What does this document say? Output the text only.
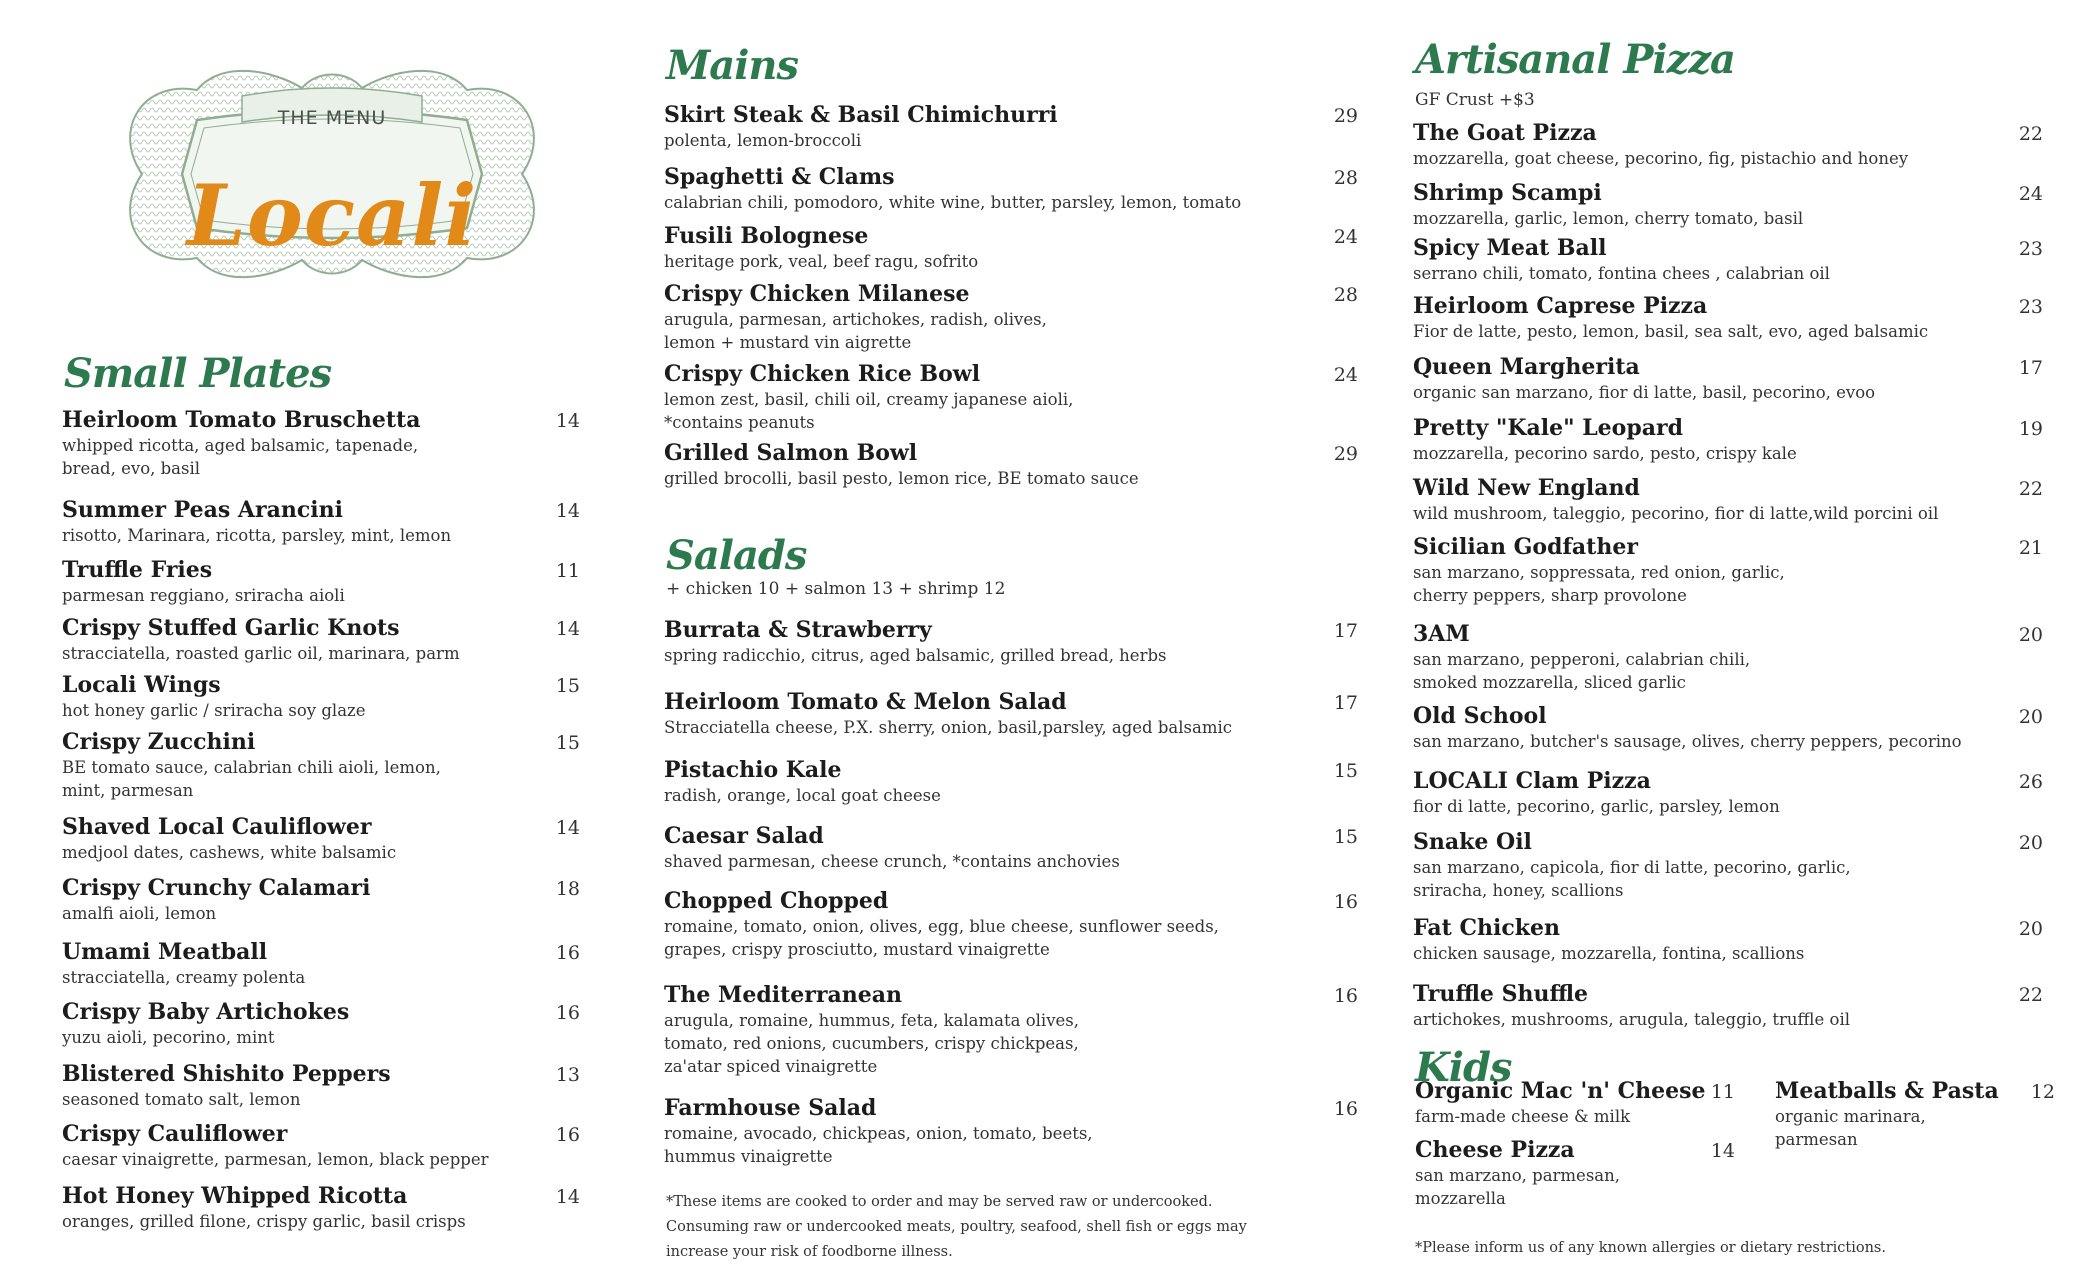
THE MENU
Locali
Small Plates
Heirloom Tomato Bruschetta
whipped ricotta, aged balsamic, tapenade,
bread, evo, basil
14
Summer Peas Arancini
risotto, Marinara, ricotta, parsley, mint, lemon
14
Truffle Fries
parmesan reggiano, sriracha aioli
11
Crispy Stuffed Garlic Knots
stracciatella, roasted garlic oil, marinara, parm
14
Locali Wings
hot honey garlic / sriracha soy glaze
15
Crispy Zucchini
BE tomato sauce, calabrian chili aioli, lemon,
mint, parmesan
15
Shaved Local Cauliflower
medjool dates, cashews, white balsamic
14
Crispy Crunchy Calamari
amalfi aioli, lemon
18
Umami Meatball
stracciatella, creamy polenta
16
Crispy Baby Artichokes
yuzu aioli, pecorino, mint
16
Blistered Shishito Peppers
seasoned tomato salt, lemon
13
Crispy Cauliflower
caesar vinaigrette, parmesan, lemon, black pepper
16
Hot Honey Whipped Ricotta
oranges, grilled filone, crispy garlic, basil crisps
14
Mains
Skirt Steak & Basil Chimichurri
polenta, lemon-broccoli
29
Spaghetti & Clams
calabrian chili, pomodoro, white wine, butter, parsley, lemon, tomato
28
Fusili Bolognese
heritage pork, veal, beef ragu, sofrito
24
Crispy Chicken Milanese
arugula, parmesan, artichokes, radish, olives,
lemon + mustard vin aigrette
28
Crispy Chicken Rice Bowl
lemon zest, basil, chili oil, creamy japanese aioli,
*contains peanuts
24
Grilled Salmon Bowl
grilled brocolli, basil pesto, lemon rice, BE tomato sauce
29
Salads
+ chicken 10 + salmon 13 + shrimp 12
Burrata & Strawberry
spring radicchio, citrus, aged balsamic, grilled bread, herbs
17
Heirloom Tomato & Melon Salad
Stracciatella cheese, P.X. sherry, onion, basil,parsley, aged balsamic
17
Pistachio Kale
radish, orange, local goat cheese
15
Caesar Salad
shaved parmesan, cheese crunch, *contains anchovies
15
Chopped Chopped
romaine, tomato, onion, olives, egg, blue cheese, sunflower seeds,
grapes, crispy prosciutto, mustard vinaigrette
16
The Mediterranean
arugula, romaine, hummus, feta, kalamata olives,
tomato, red onions, cucumbers, crispy chickpeas,
za'atar spiced vinaigrette
16
Farmhouse Salad
romaine, avocado, chickpeas, onion, tomato, beets,
hummus vinaigrette
16
*These items are cooked to order and may be served raw or undercooked.
Consuming raw or undercooked meats, poultry, seafood, shell fish or eggs may
increase your risk of foodborne illness.
Artisanal Pizza
GF Crust +$3
The Goat Pizza
mozzarella, goat cheese, pecorino, fig, pistachio and honey
22
Shrimp Scampi
mozzarella, garlic, lemon, cherry tomato, basil
24
Spicy Meat Ball
serrano chili, tomato, fontina chees , calabrian oil
23
Heirloom Caprese Pizza
Fior de latte, pesto, lemon, basil, sea salt, evo, aged balsamic
23
Queen Margherita
organic san marzano, fior di latte, basil, pecorino, evoo
17
Pretty "Kale" Leopard
mozzarella, pecorino sardo, pesto, crispy kale
19
Wild New England
wild mushroom, taleggio, pecorino, fior di latte,wild porcini oil
22
Sicilian Godfather
san marzano, soppressata, red onion, garlic,
cherry peppers, sharp provolone
21
3AM
san marzano, pepperoni, calabrian chili,
smoked mozzarella, sliced garlic
20
Old School
san marzano, butcher's sausage, olives, cherry peppers, pecorino
20
LOCALI Clam Pizza
fior di latte, pecorino, garlic, parsley, lemon
26
Snake Oil
san marzano, capicola, fior di latte, pecorino, garlic,
sriracha, honey, scallions
20
Fat Chicken
chicken sausage, mozzarella, fontina, scallions
20
Truffle Shuffle
artichokes, mushrooms, arugula, taleggio, truffle oil
22
Kids
Organic Mac 'n' Cheese
farm-made cheese & milk
11 Meatballs & Pasta
organic marinara,
parmesan
12
Cheese Pizza
san marzano, parmesan,
mozzarella
14
*Please inform us of any known allergies or dietary restrictions.
